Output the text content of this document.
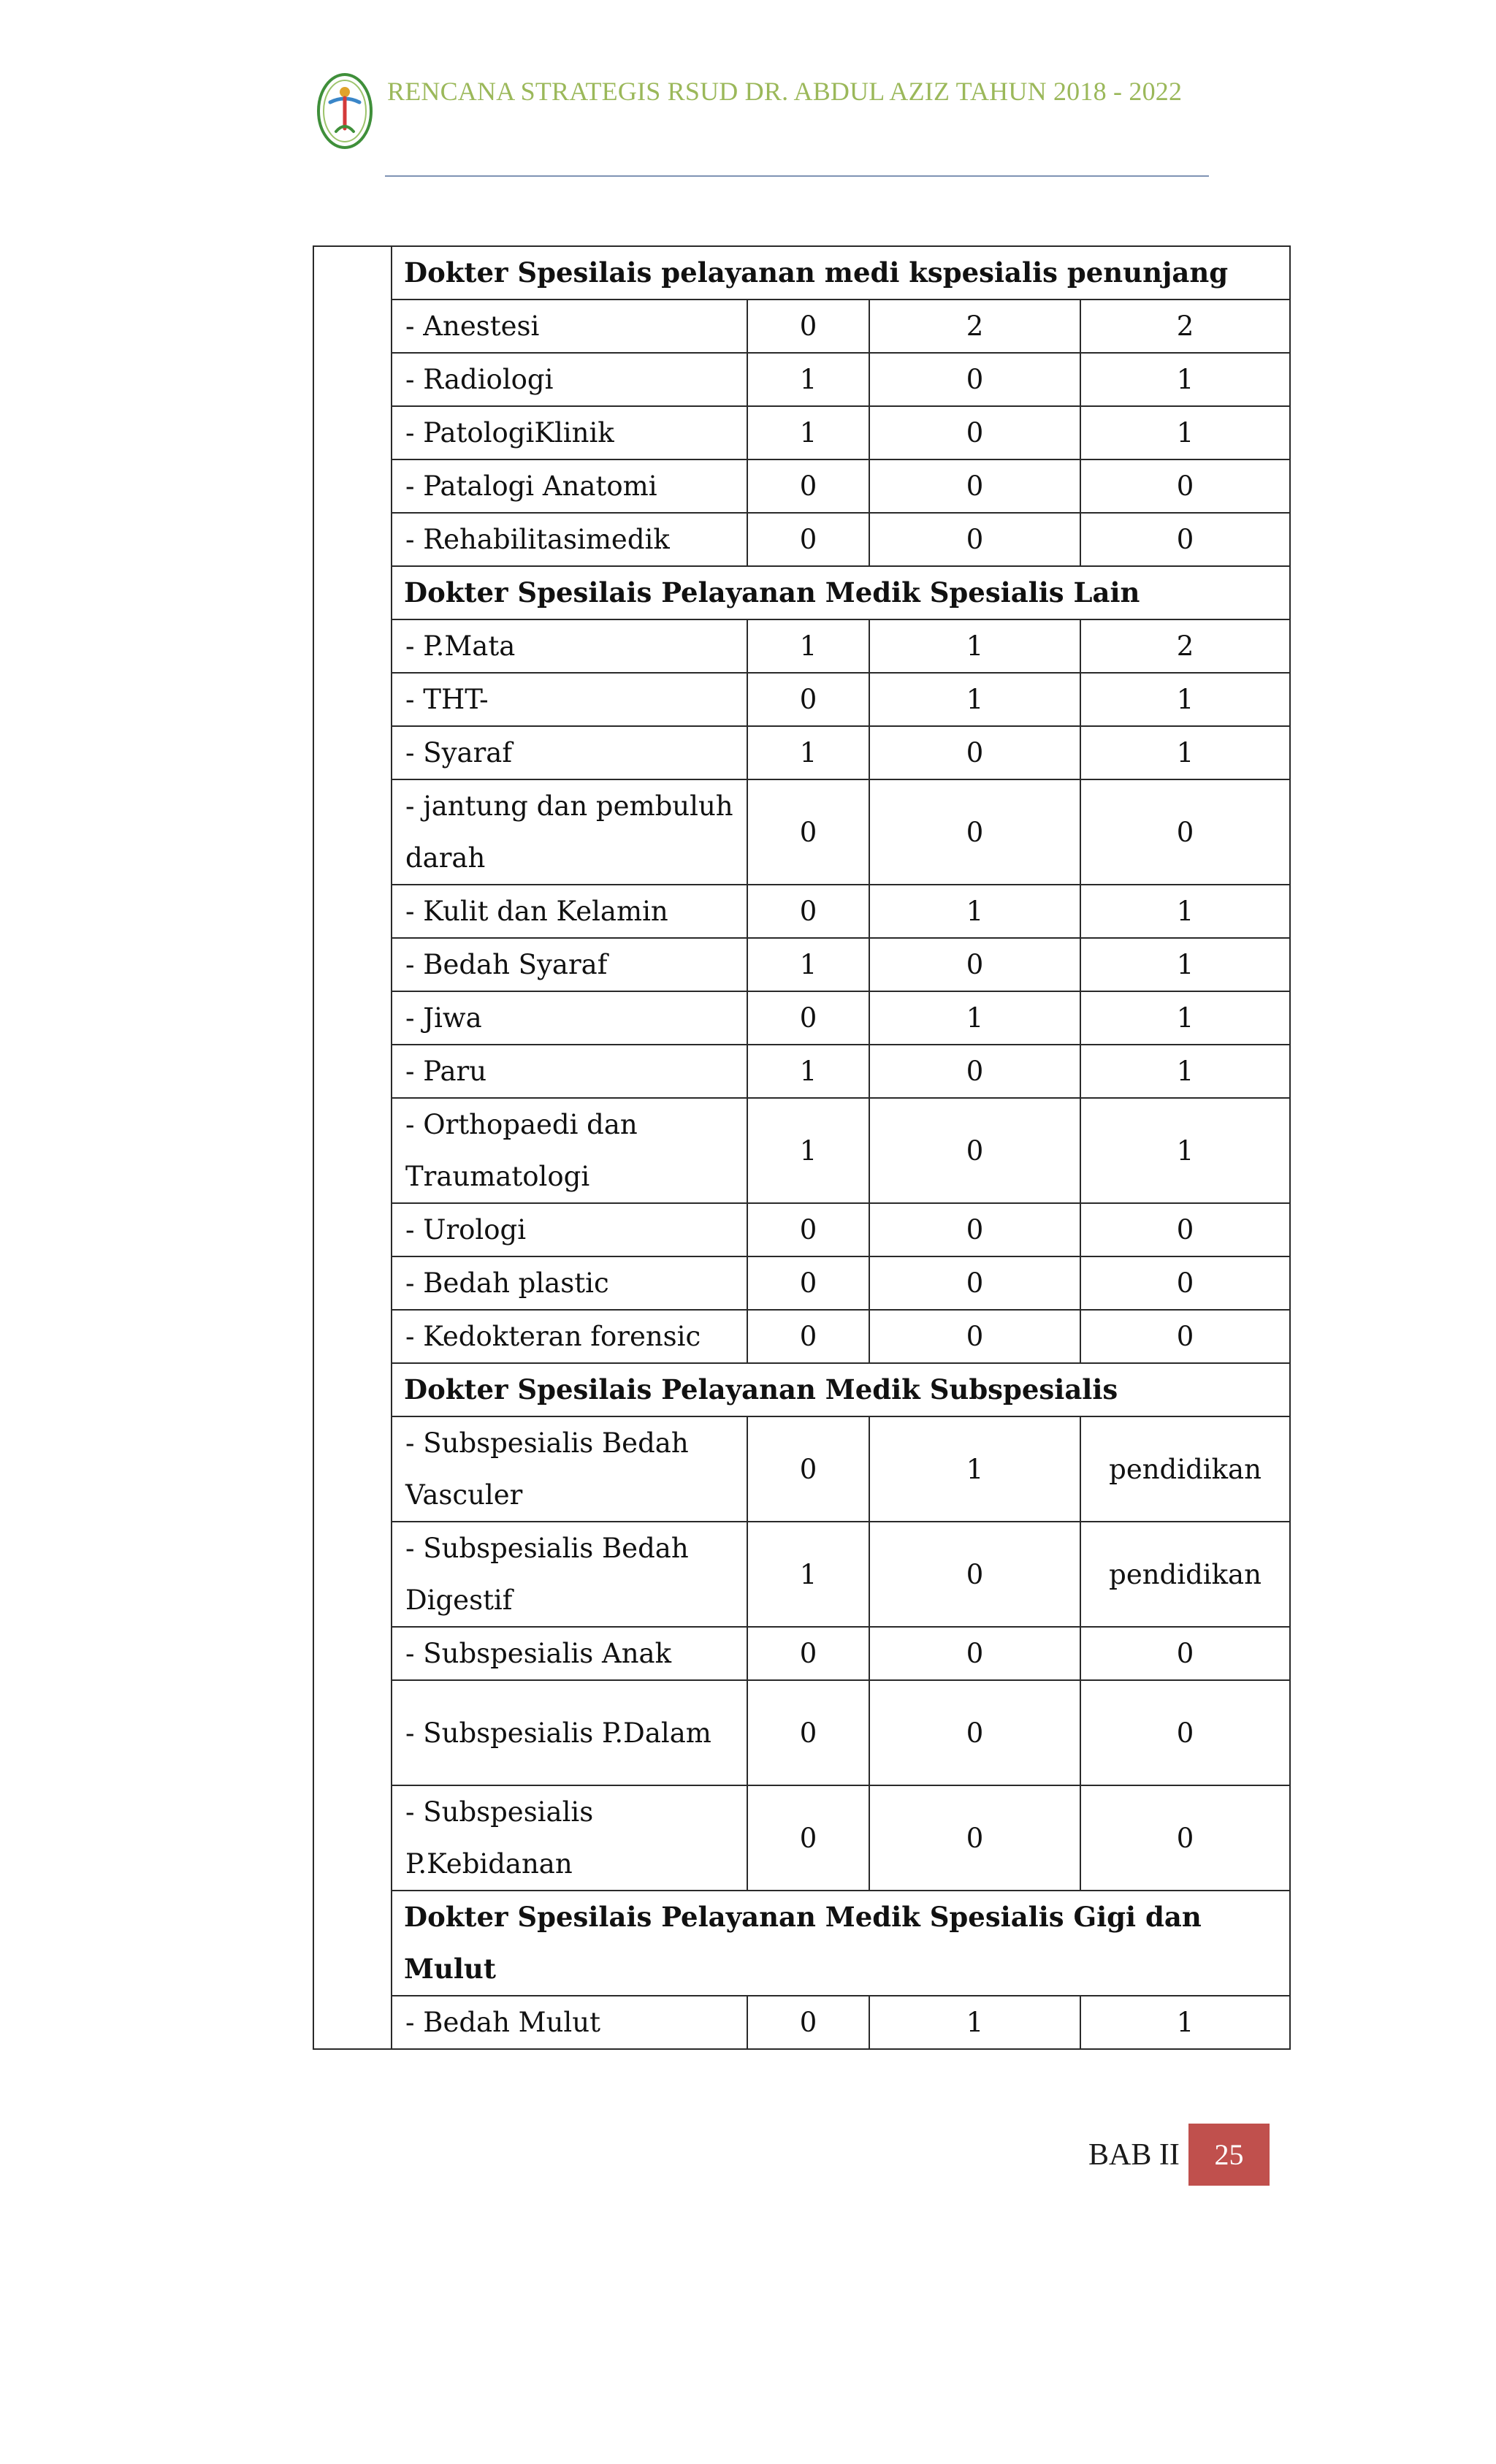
RENCANA STRATEGIS RSUD DR. ABDUL AZIZ TAHUN 2018 - 2022
	Dokter Spesilais pelayanan medi kspesialis penunjang			
	- Anestesi	0	2	2
	- Radiologi	1	0	1
	- PatologiKlinik	1	0	1
	- Patalogi Anatomi	0	0	0
	- Rehabilitasimedik	0	0	0
	Dokter Spesilais Pelayanan Medik Spesialis Lain			
	- P.Mata	1	1	2
	- THT-	0	1	1
	- Syaraf	1	0	1
	- jantung dan pembuluh darah	0	0	0
	- Kulit dan Kelamin	0	1	1
	- Bedah Syaraf	1	0	1
	- Jiwa	0	1	1
	- Paru	1	0	1
	- Orthopaedi dan Traumatologi	1	0	1
	- Urologi	0	0	0
	- Bedah plastic	0	0	0
	- Kedokteran forensic	0	0	0
	Dokter Spesilais Pelayanan Medik Subspesialis			
	- Subspesialis Bedah Vasculer	0	1	pendidikan
	- Subspesialis Bedah Digestif	1	0	pendidikan
	- Subspesialis Anak	0	0	0
	- Subspesialis P.Dalam	0	0	0
	- Subspesialis P.Kebidanan	0	0	0
	Dokter Spesilais Pelayanan Medik Spesialis Gigi dan Mulut			
	- Bedah Mulut	0	1	1
BAB II	25
